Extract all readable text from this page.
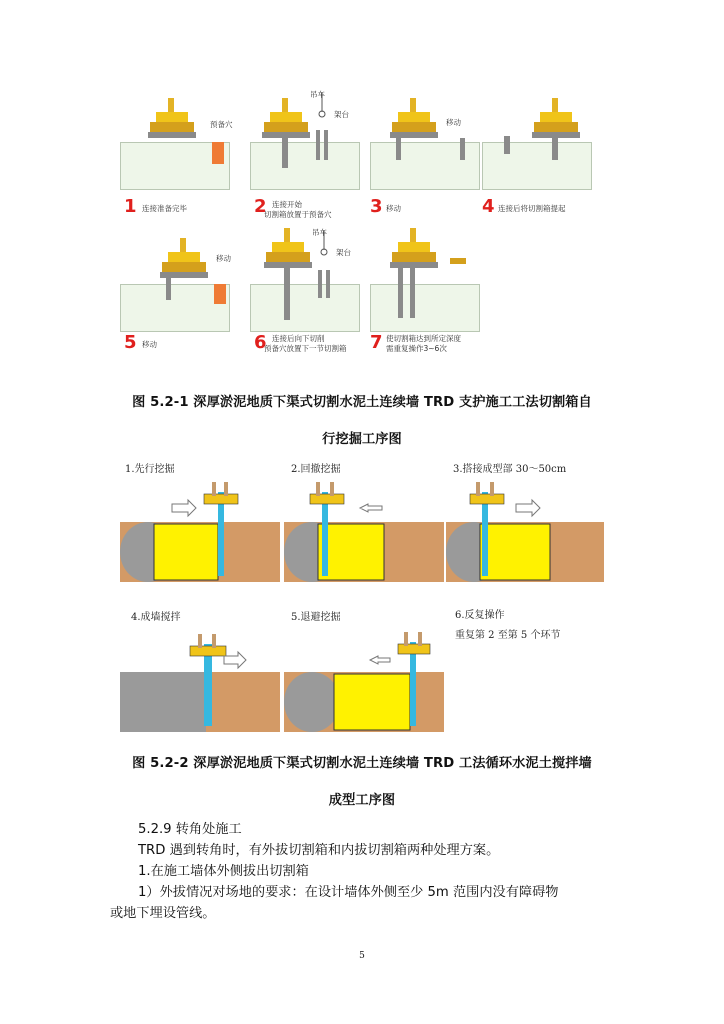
预备穴
1 连接准备完毕
吊车
架台
2 连接开始
切割箱放置于预备穴
移动
3 移动	4 连接后将切割箱提起
移动
5 移动
吊车
架台
6 连接后向下切削
预备穴放置下一节切割箱 7 使切割箱达到所定深度
需重复操作3~6次
图 5.2-1 深厚淤泥地质下渠式切割水泥土连续墙 TRD 支护施工工法切割箱自
行挖掘工序图
1.先行挖掘	2.回撤挖掘	3.搭接成型部 30～50cm
4.成墙搅拌	5.退避挖掘	6.反复操作
重复第 2 至第 5 个环节
图 5.2-2 深厚淤泥地质下渠式切割水泥土连续墙 TRD 工法循环水泥土搅拌墙
成型工序图
5.2.9 转角处施工
TRD 遇到转角时，有外拔切割箱和内拔切割箱两种处理方案。
1.在施工墙体外侧拔出切割箱
1）外拔情况对场地的要求：在设计墙体外侧至少 5m 范围内没有障碍物
或地下埋设管线。
5
